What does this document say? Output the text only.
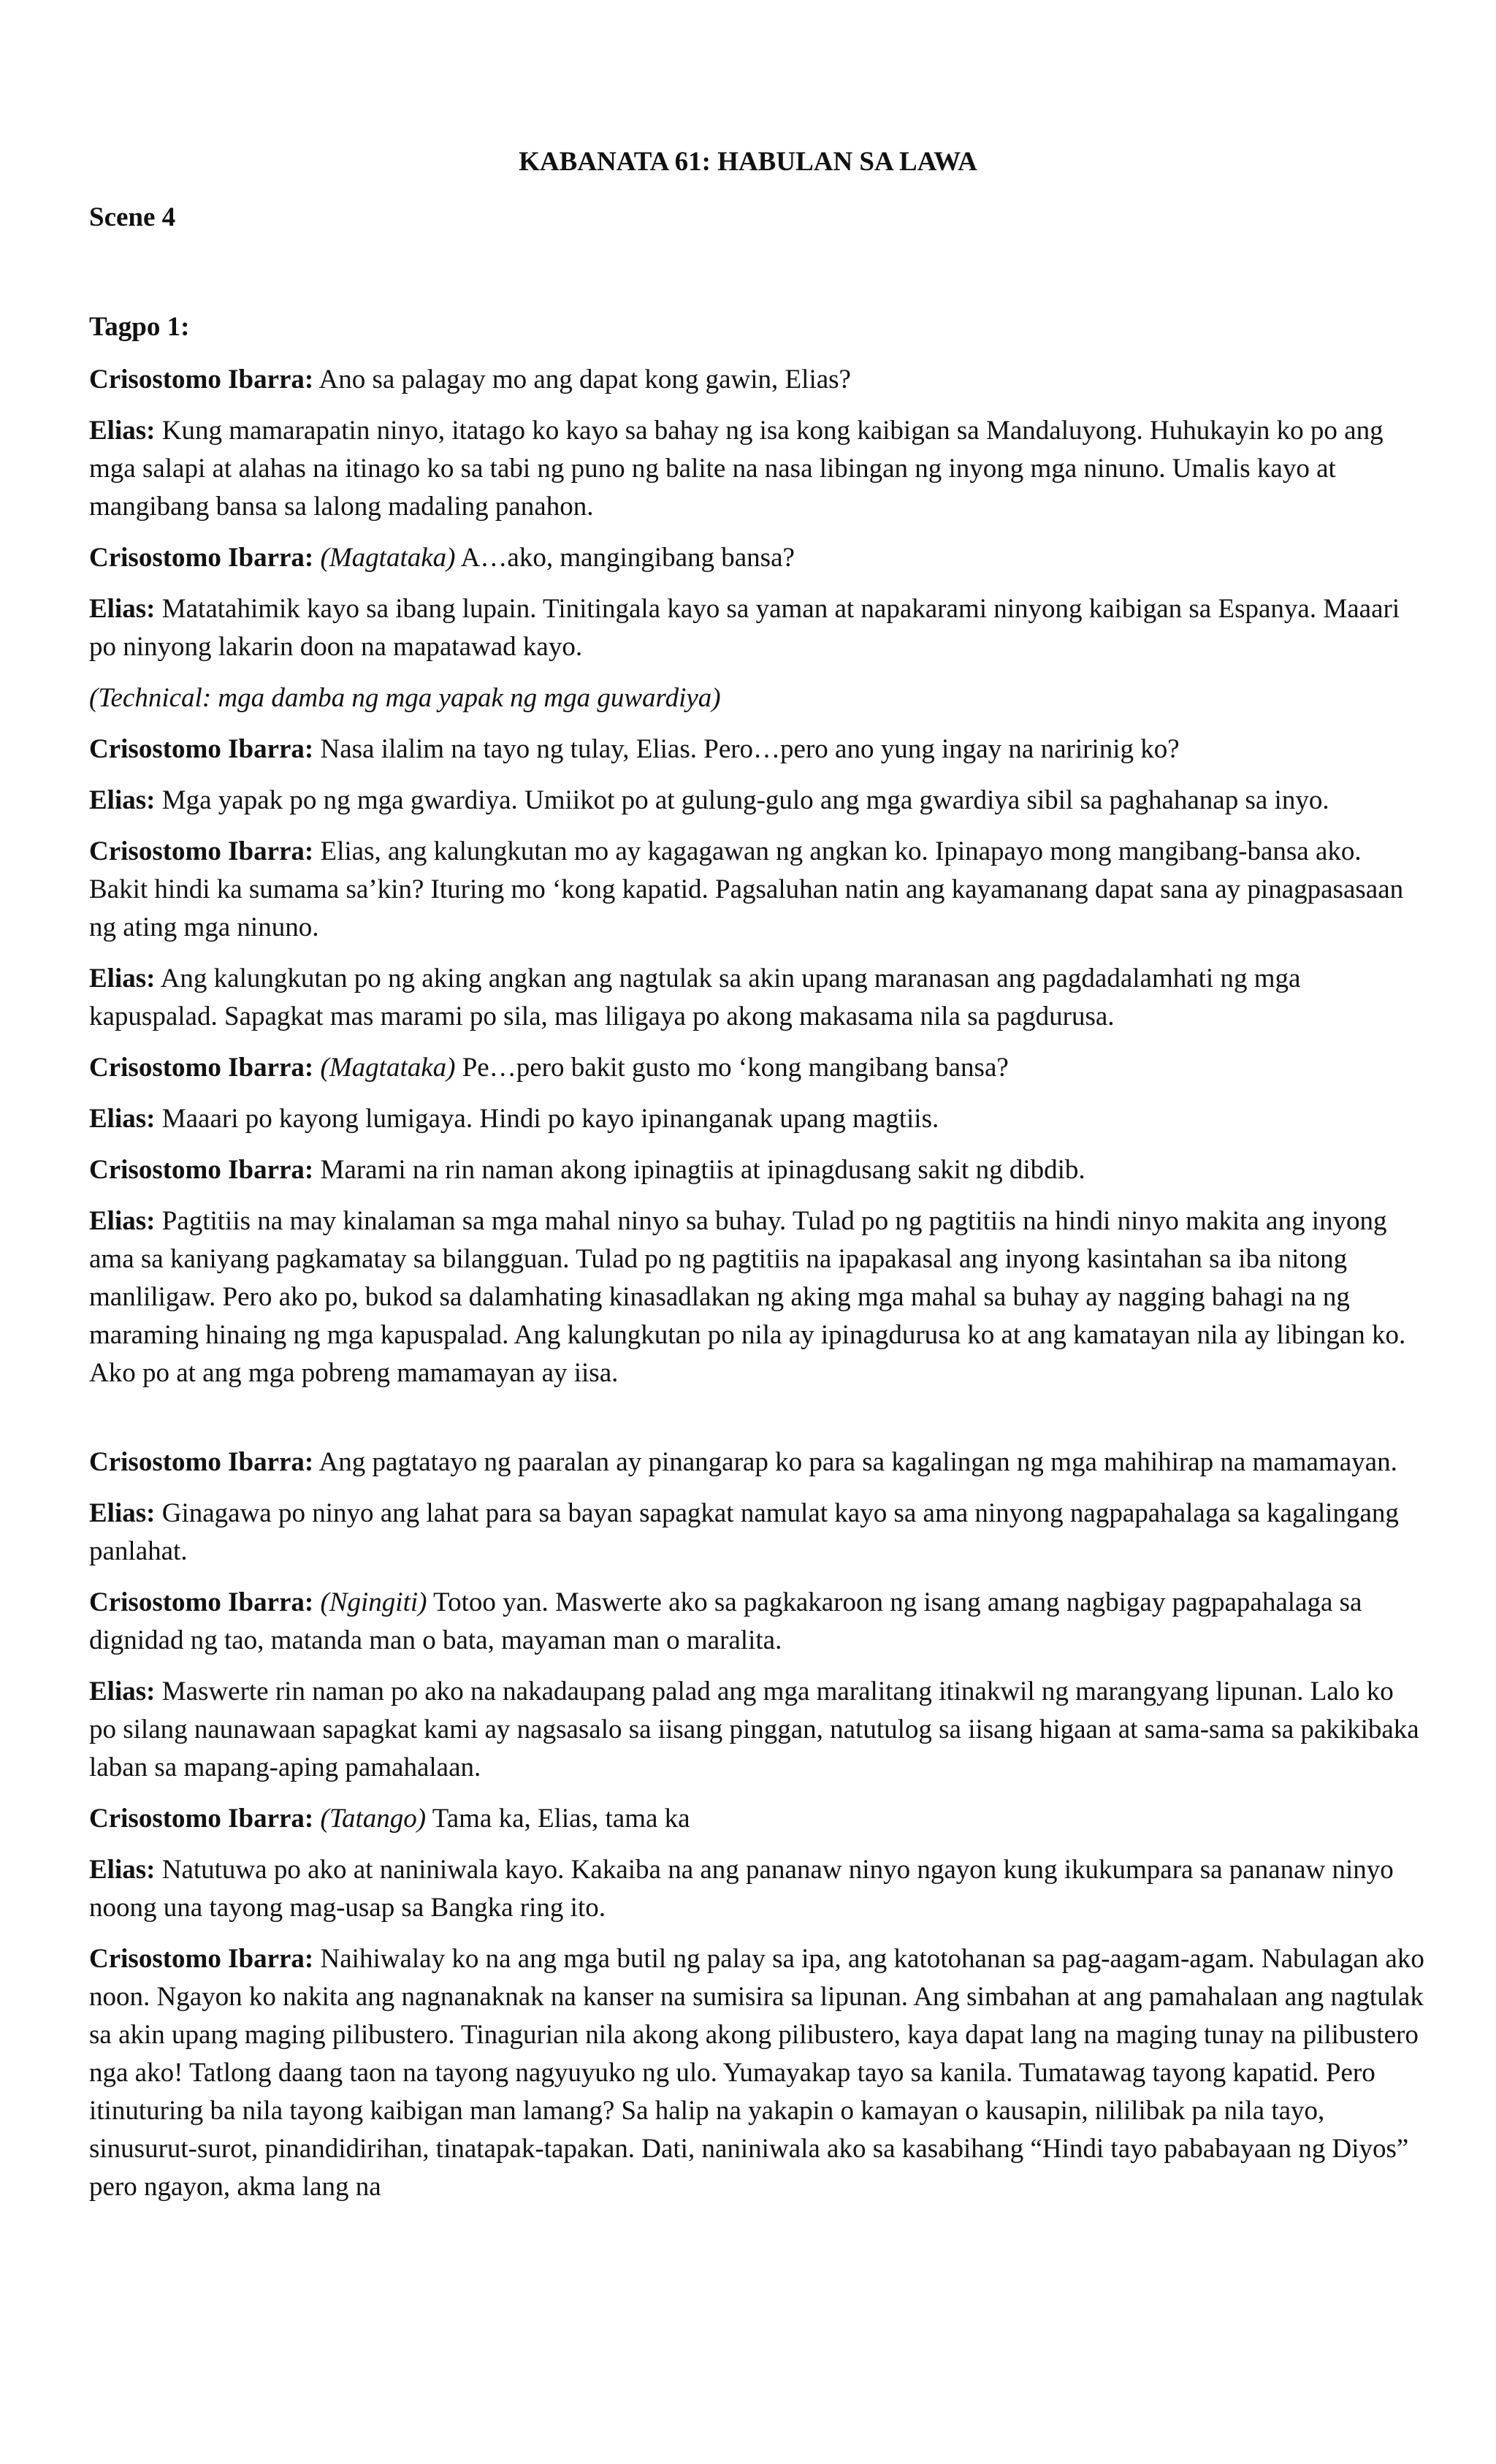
KABANATA 61: HABULAN SA LAWA
Scene 4

Tagpo 1:

Crisostomo Ibarra: Ano sa palagay mo ang dapat kong gawin, Elias?

Elias: Kung mamarapatin ninyo, itatago ko kayo sa bahay ng isa kong kaibigan sa Mandaluyong. Huhukayin ko po ang mga salapi at alahas na itinago ko sa tabi ng puno ng balite na nasa libingan ng inyong mga ninuno. Umalis kayo at mangibang bansa sa lalong madaling panahon.

Crisostomo Ibarra: (Magtataka) A…ako, mangingibang bansa?

Elias: Matatahimik kayo sa ibang lupain. Tinitingala kayo sa yaman at napakarami ninyong kaibigan sa Espanya. Maaari po ninyong lakarin doon na mapatawad kayo.

(Technical: mga damba ng mga yapak ng mga guwardiya)

Crisostomo Ibarra: Nasa ilalim na tayo ng tulay, Elias. Pero…pero ano yung ingay na naririnig ko?

Elias: Mga yapak po ng mga gwardiya. Umiikot po at gulung-gulo ang mga gwardiya sibil sa paghahanap sa inyo.

Crisostomo Ibarra: Elias, ang kalungkutan mo ay kagagawan ng angkan ko. Ipinapayo mong mangibang-bansa ako. Bakit hindi ka sumama sa’kin? Ituring mo ‘kong kapatid. Pagsaluhan natin ang kayamanang dapat sana ay pinagpasasaan ng ating mga ninuno.

Elias: Ang kalungkutan po ng aking angkan ang nagtulak sa akin upang maranasan ang pagdadalamhati ng mga kapuspalad. Sapagkat mas marami po sila, mas liligaya po akong makasama nila sa pagdurusa.

Crisostomo Ibarra: (Magtataka) Pe…pero bakit gusto mo ‘kong mangibang bansa?

Elias: Maaari po kayong lumigaya. Hindi po kayo ipinanganak upang magtiis.

Crisostomo Ibarra: Marami na rin naman akong ipinagtiis at ipinagdusang sakit ng dibdib.

Elias: Pagtitiis na may kinalaman sa mga mahal ninyo sa buhay. Tulad po ng pagtitiis na hindi ninyo makita ang inyong ama sa kaniyang pagkamatay sa bilangguan. Tulad po ng pagtitiis na ipapakasal ang inyong kasintahan sa iba nitong manliligaw. Pero ako po, bukod sa dalamhating kinasadlakan ng aking mga mahal sa buhay ay nagging bahagi na ng maraming hinaing ng mga kapuspalad. Ang kalungkutan po nila ay ipinagdurusa ko at ang kamatayan nila ay libingan ko. Ako po at ang mga pobreng mamamayan ay iisa.

Crisostomo Ibarra: Ang pagtatayo ng paaralan ay pinangarap ko para sa kagalingan ng mga mahihirap na mamamayan.

Elias: Ginagawa po ninyo ang lahat para sa bayan sapagkat namulat kayo sa ama ninyong nagpapahalaga sa kagalingang panlahat.

Crisostomo Ibarra: (Ngingiti) Totoo yan. Maswerte ako sa pagkakaroon ng isang amang nagbigay pagpapahalaga sa dignidad ng tao, matanda man o bata, mayaman man o maralita.

Elias: Maswerte rin naman po ako na nakadaupang palad ang mga maralitang itinakwil ng marangyang lipunan. Lalo ko po silang naunawaan sapagkat kami ay nagsasalo sa iisang pinggan, natutulog sa iisang higaan at sama-sama sa pakikibaka laban sa mapang-aping pamahalaan.

Crisostomo Ibarra: (Tatango) Tama ka, Elias, tama ka

Elias: Natutuwa po ako at naniniwala kayo. Kakaiba na ang pananaw ninyo ngayon kung ikukumpara sa pananaw ninyo noong una tayong mag-usap sa Bangka ring ito.

Crisostomo Ibarra: Naihiwalay ko na ang mga butil ng palay sa ipa, ang katotohanan sa pag-aagam-agam. Nabulagan ako noon. Ngayon ko nakita ang nagnanaknak na kanser na sumisira sa lipunan. Ang simbahan at ang pamahalaan ang nagtulak sa akin upang maging pilibustero. Tinagurian nila akong akong pilibustero, kaya dapat lang na maging tunay na pilibustero nga ako! Tatlong daang taon na tayong nagyuyuko ng ulo. Yumayakap tayo sa kanila. Tumatawag tayong kapatid. Pero itinuturing ba nila tayong kaibigan man lamang? Sa halip na yakapin o kamayan o kausapin, nililibak pa nila tayo, sinusurut-surot, pinandidirihan, tinatapak-tapakan. Dati, naniniwala ako sa kasabihang “Hindi tayo pababayaan ng Diyos” pero ngayon, akma lang na
